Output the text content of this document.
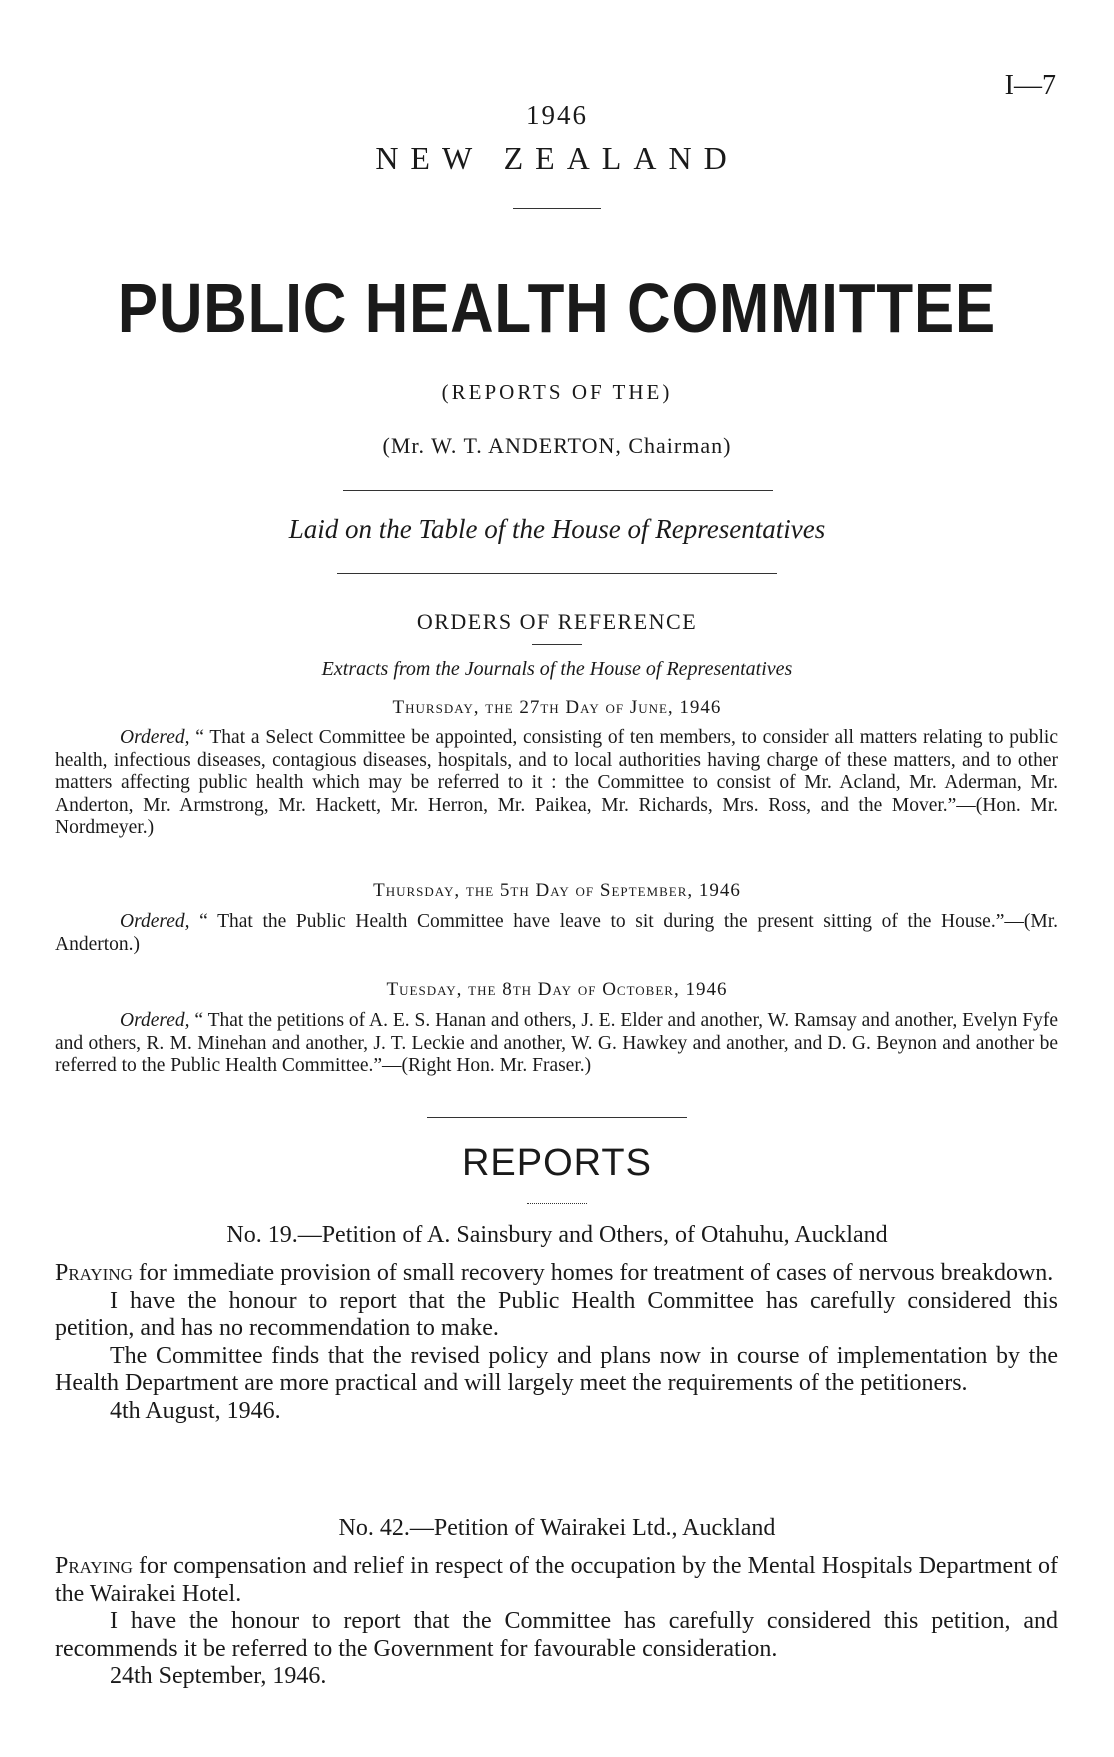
I—7
1946
NEW ZEALAND
PUBLIC HEALTH COMMITTEE
(REPORTS OF THE)
(Mr. W. T. ANDERTON, Chairman)
Laid on the Table of the House of Representatives
ORDERS OF REFERENCE
Extracts from the Journals of the House of Representatives
Thursday, the 27th Day of June, 1946
Ordered, “ That a Select Committee be appointed, consisting of ten members, to consider all matters relating to public health, infectious diseases, contagious diseases, hospitals, and to local authorities having charge of these matters, and to other matters affecting public health which may be referred to it : the Committee to consist of Mr. Acland, Mr. Aderman, Mr. Anderton, Mr. Armstrong, Mr. Hackett, Mr. Herron, Mr. Paikea, Mr. Richards, Mrs. Ross, and the Mover.”—(Hon. Mr. Nordmeyer.)
Thursday, the 5th Day of September, 1946
Ordered, “ That the Public Health Committee have leave to sit during the present sitting of the House.”—(Mr. Anderton.)
Tuesday, the 8th Day of October, 1946
Ordered, “ That the petitions of A. E. S. Hanan and others, J. E. Elder and another, W. Ramsay and another, Evelyn Fyfe and others, R. M. Minehan and another, J. T. Leckie and another, W. G. Hawkey and another, and D. G. Beynon and another be referred to the Public Health Committee.”—(Right Hon. Mr. Fraser.)
REPORTS
No. 19.—Petition of A. Sainsbury and Others, of Otahuhu, Auckland

Praying for immediate provision of small recovery homes for treatment of cases of nervous breakdown.

I have the honour to report that the Public Health Committee has carefully considered this petition, and has no recommendation to make.

The Committee finds that the revised policy and plans now in course of implementation by the Health Department are more practical and will largely meet the requirements of the petitioners.

4th August, 1946.

No. 42.—Petition of Wairakei Ltd., Auckland

Praying for compensation and relief in respect of the occupation by the Mental Hospitals Department of the Wairakei Hotel.

I have the honour to report that the Committee has carefully considered this petition, and recommends it be referred to the Government for favourable consideration.

24th September, 1946.
